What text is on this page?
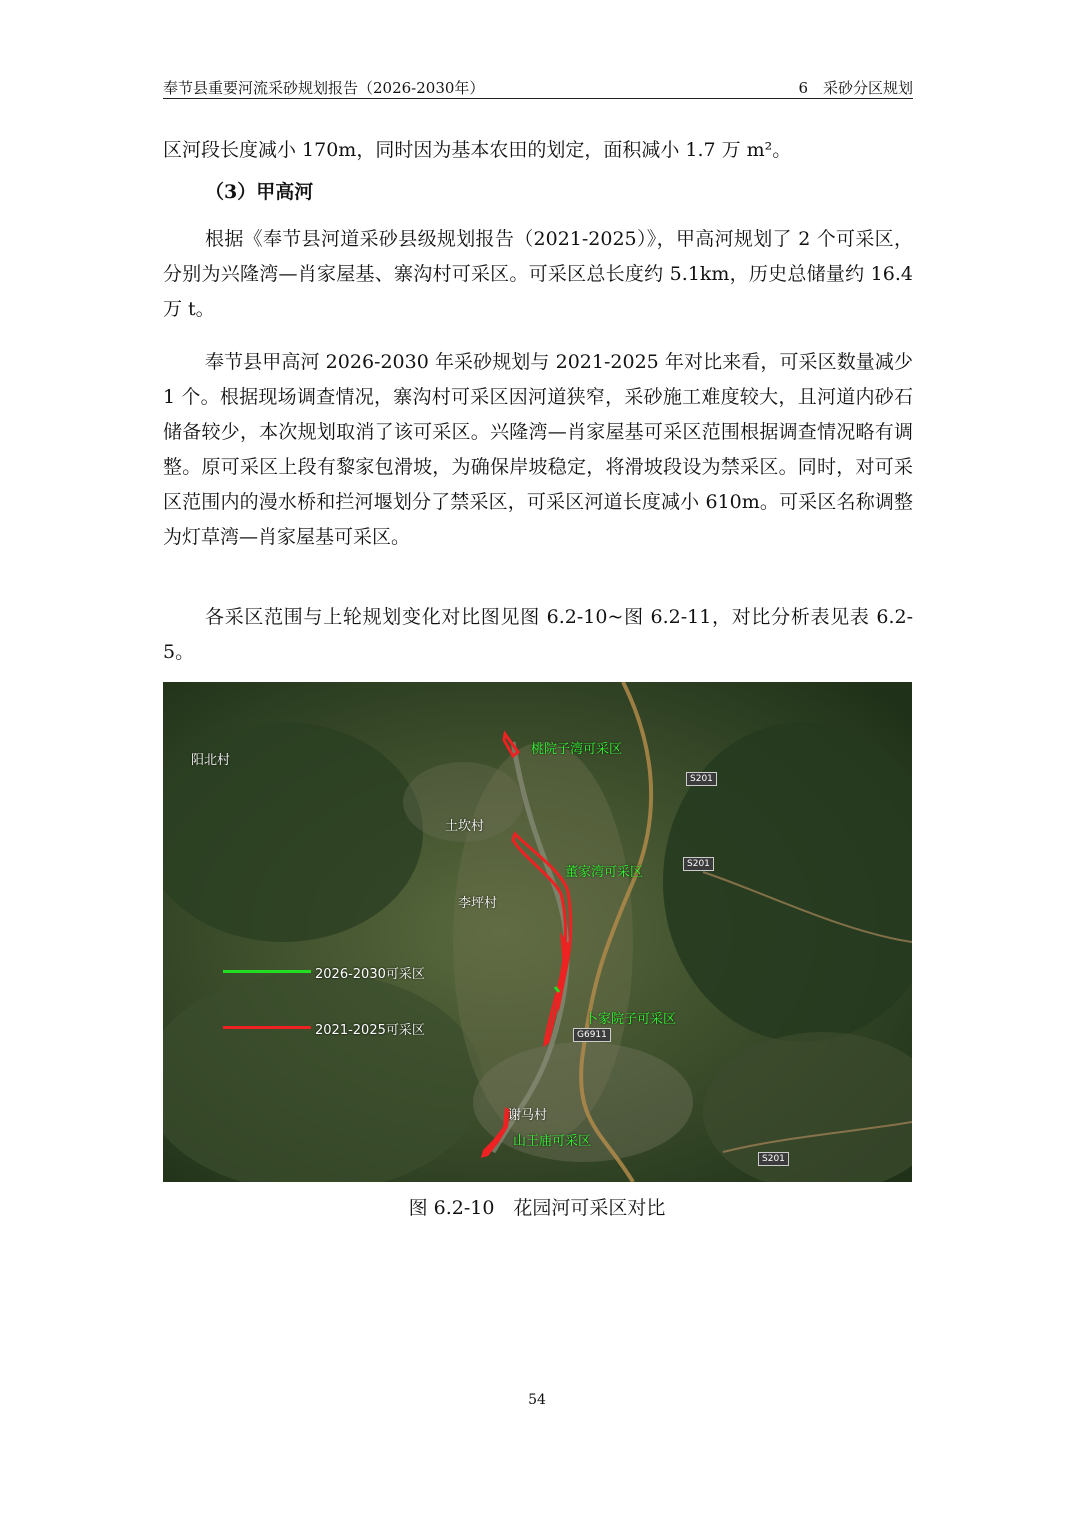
奉节县重要河流采砂规划报告（2026-2030年）	6　采砂分区规划
区河段长度减小 170m，同时因为基本农田的划定，面积减小 1.7 万 m²。
（3）甲高河
根据《奉节县河道采砂县级规划报告（2021-2025）》，甲高河规划了 2 个可采区，分别为兴隆湾—肖家屋基、寨沟村可采区。可采区总长度约 5.1km，历史总储量约 16.4 万 t。
奉节县甲高河 2026-2030 年采砂规划与 2021-2025 年对比来看，可采区数量减少 1 个。根据现场调查情况，寨沟村可采区因河道狭窄，采砂施工难度较大，且河道内砂石储备较少，本次规划取消了该可采区。兴隆湾—肖家屋基可采区范围根据调查情况略有调整。原可采区上段有黎家包滑坡，为确保岸坡稳定，将滑坡段设为禁采区。同时，对可采区范围内的漫水桥和拦河堰划分了禁采区，可采区河道长度减小 610m。可采区名称调整为灯草湾—肖家屋基可采区。
各采区范围与上轮规划变化对比图见图 6.2-10~图 6.2-11，对比分析表见表 6.2-5。
阳北村
土坎村
李坪村
谢马村
桃院子湾可采区
董家湾可采区
卜家院子可采区
山王庙可采区
S201
S201
G6911
S201
2026-2030可采区
2021-2025可采区
图 6.2-10　花园河可采区对比
54
